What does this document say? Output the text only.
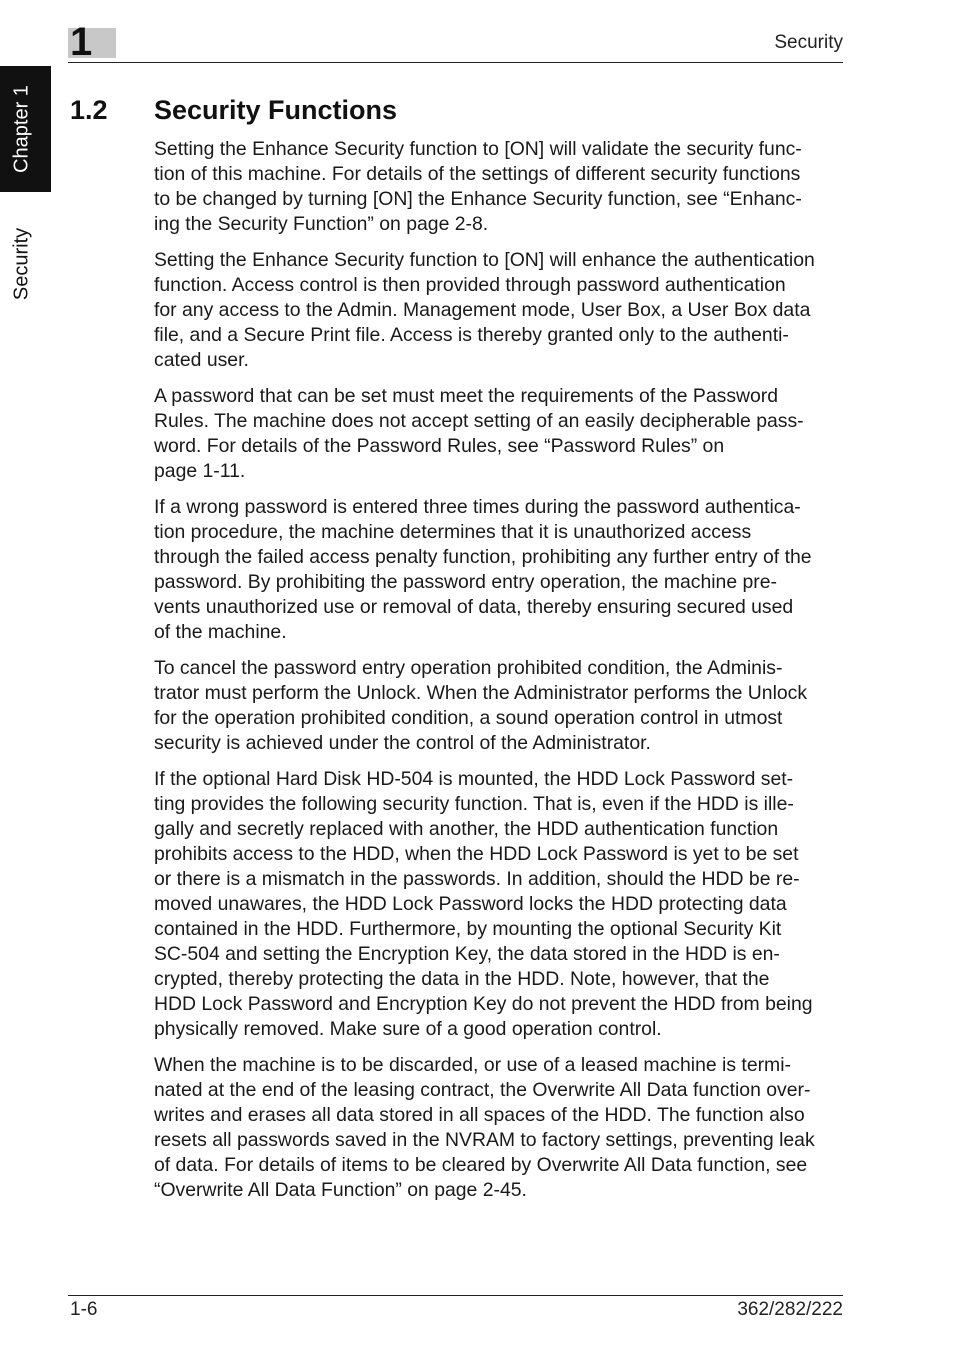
1	Security
Chapter 1
Security
1.2 Security Functions

Setting the Enhance Security function to [ON] will validate the security func-
tion of this machine. For details of the settings of different security functions
to be changed by turning [ON] the Enhance Security function, see “Enhanc-
ing the Security Function” on page 2-8.

Setting the Enhance Security function to [ON] will enhance the authentication
function. Access control is then provided through password authentication
for any access to the Admin. Management mode, User Box, a User Box data
file, and a Secure Print file. Access is thereby granted only to the authenti-
cated user.

A password that can be set must meet the requirements of the Password
Rules. The machine does not accept setting of an easily decipherable pass-
word. For details of the Password Rules, see “Password Rules” on
page 1-11.

If a wrong password is entered three times during the password authentica-
tion procedure, the machine determines that it is unauthorized access
through the failed access penalty function, prohibiting any further entry of the
password. By prohibiting the password entry operation, the machine pre-
vents unauthorized use or removal of data, thereby ensuring secured used
of the machine.

To cancel the password entry operation prohibited condition, the Adminis-
trator must perform the Unlock. When the Administrator performs the Unlock
for the operation prohibited condition, a sound operation control in utmost
security is achieved under the control of the Administrator.

If the optional Hard Disk HD-504 is mounted, the HDD Lock Password set-
ting provides the following security function. That is, even if the HDD is ille-
gally and secretly replaced with another, the HDD authentication function
prohibits access to the HDD, when the HDD Lock Password is yet to be set
or there is a mismatch in the passwords. In addition, should the HDD be re-
moved unawares, the HDD Lock Password locks the HDD protecting data
contained in the HDD. Furthermore, by mounting the optional Security Kit
SC-504 and setting the Encryption Key, the data stored in the HDD is en-
crypted, thereby protecting the data in the HDD. Note, however, that the
HDD Lock Password and Encryption Key do not prevent the HDD from being
physically removed. Make sure of a good operation control.

When the machine is to be discarded, or use of a leased machine is termi-
nated at the end of the leasing contract, the Overwrite All Data function over-
writes and erases all data stored in all spaces of the HDD. The function also
resets all passwords saved in the NVRAM to factory settings, preventing leak
of data. For details of items to be cleared by Overwrite All Data function, see
“Overwrite All Data Function” on page 2-45.

1-6	362/282/222
